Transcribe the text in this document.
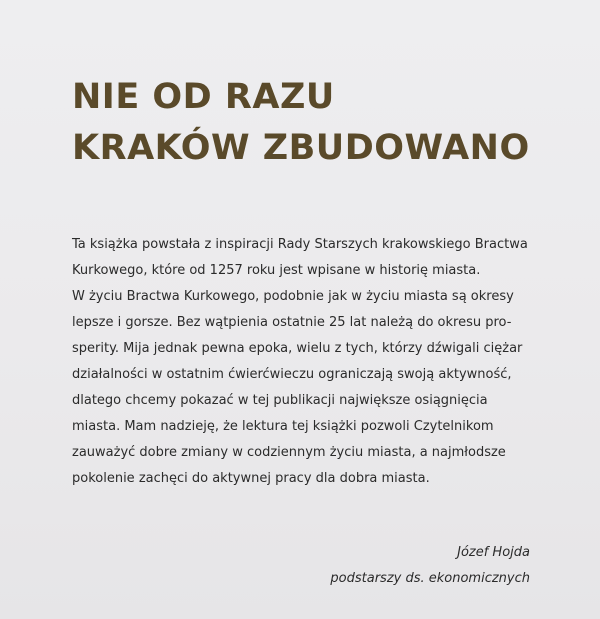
NIE OD RAZU
KRAKÓW ZBUDOWANO
Ta książka powstała z inspiracji Rady Starszych krakowskiego Bractwa
Kurkowego, które od 1257 roku jest wpisane w historię miasta.
W życiu Bractwa Kurkowego, podobnie jak w życiu miasta są okresy
lepsze i gorsze. Bez wątpienia ostatnie 25 lat należą do okresu pro-
sperity. Mija jednak pewna epoka, wielu z tych, którzy dźwigali ciężar
działalności w ostatnim ćwierćwieczu ograniczają swoją aktywność,
dlatego chcemy pokazać w tej publikacji największe osiągnięcia
miasta. Mam nadzieję, że lektura tej książki pozwoli Czytelnikom
zauważyć dobre zmiany w codziennym życiu miasta, a najmłodsze
pokolenie zachęci do aktywnej pracy dla dobra miasta.
Józef Hojda
podstarszy ds. ekonomicznych
